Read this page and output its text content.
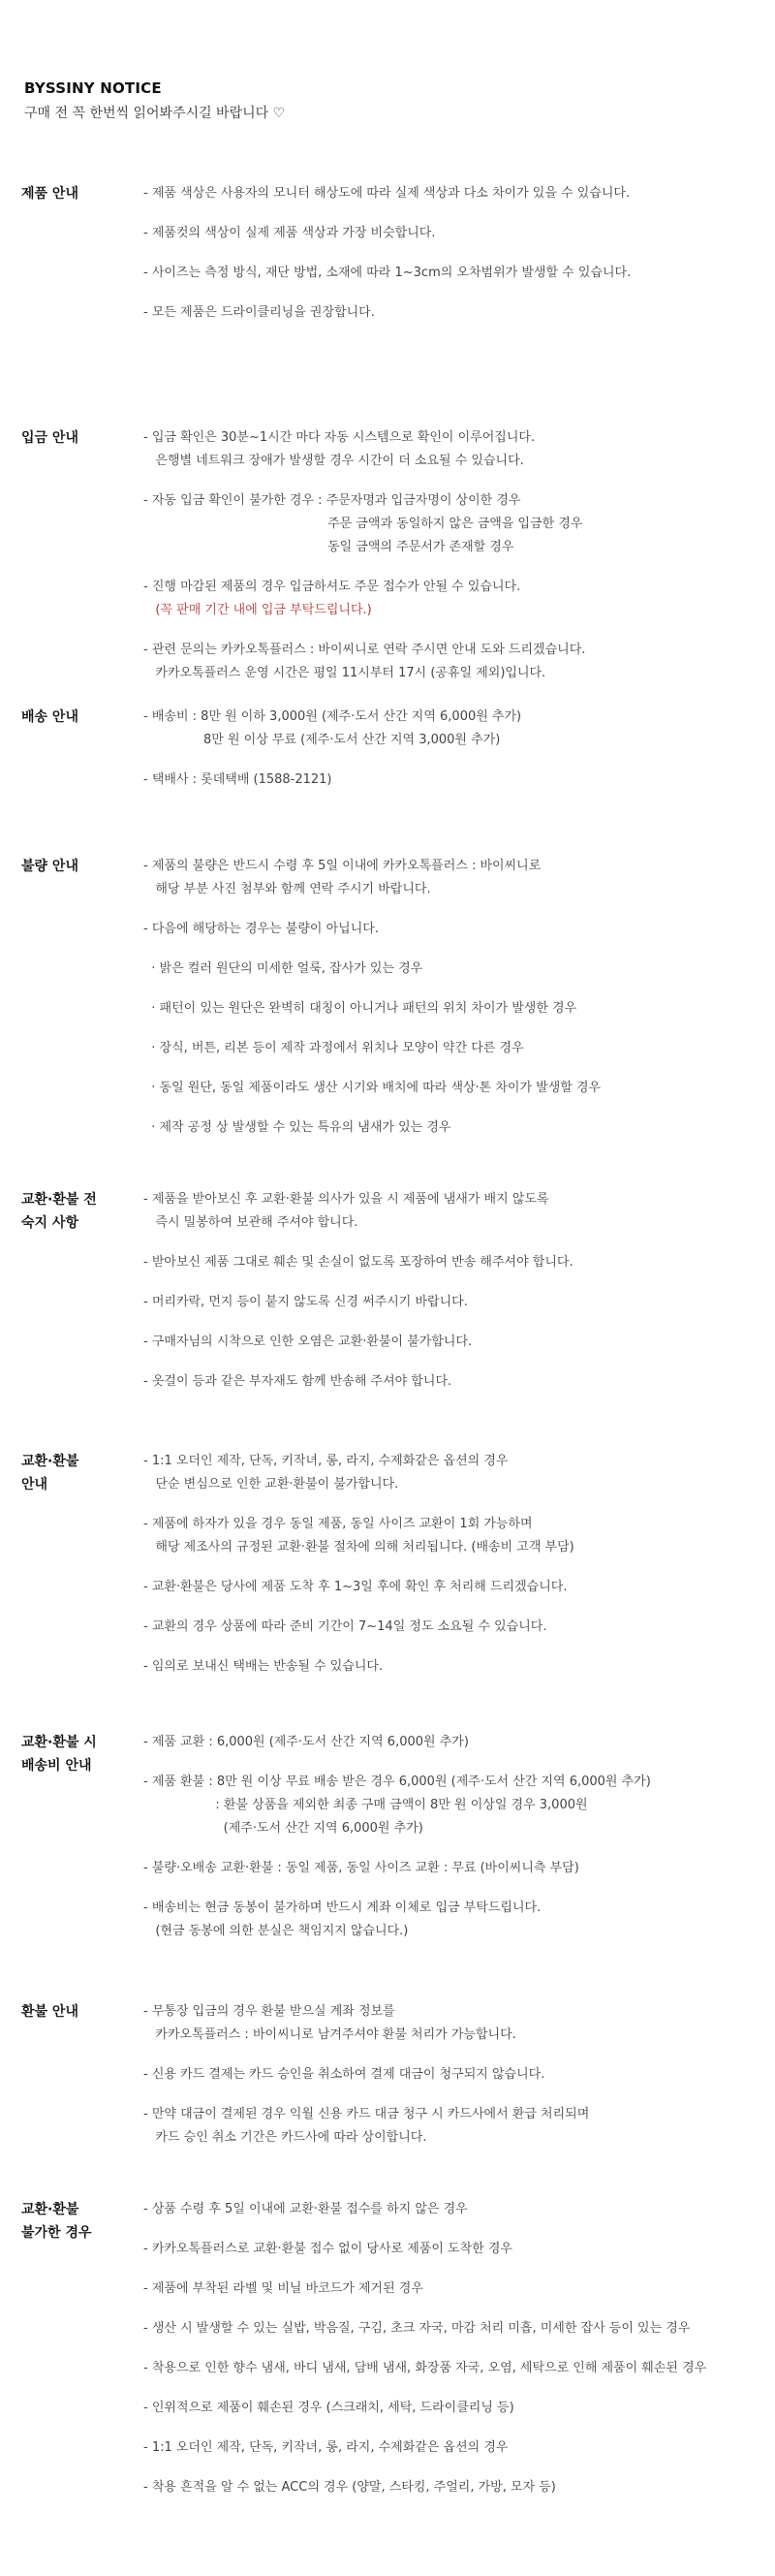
BYSSINY NOTICE
구매 전 꼭 한번씩 읽어봐주시길 바랍니다 ♡
제품 안내	- 제품 색상은 사용자의 모니터 해상도에 따라 실제 색상과 다소 차이가 있을 수 있습니다.
- 제품컷의 색상이 실제 제품 색상과 가장 비슷합니다.
- 사이즈는 측정 방식, 재단 방법, 소재에 따라 1~3cm의 오차범위가 발생할 수 있습니다.
- 모든 제품은 드라이클리닝을 권장합니다.
입금 안내	- 입금 확인은 30분~1시간 마다 자동 시스템으로 확인이 이루어집니다.
은행별 네트워크 장애가 발생할 경우 시간이 더 소요될 수 있습니다.
- 자동 입금 확인이 불가한 경우 : 주문자명과 입금자명이 상이한 경우
주문 금액과 동일하지 않은 금액을 입금한 경우
동일 금액의 주문서가 존재할 경우
- 진행 마감된 제품의 경우 입금하셔도 주문 접수가 안될 수 있습니다.
(꼭 판매 기간 내에 입금 부탁드립니다.)
- 관련 문의는 카카오톡플러스 : 바이씨니로 연락 주시면 안내 도와 드리겠습니다.
카카오톡플러스 운영 시간은 평일 11시부터 17시 (공휴일 제외)입니다.
배송 안내	- 배송비 : 8만 원 이하 3,000원 (제주·도서 산간 지역 6,000원 추가)
8만 원 이상 무료 (제주·도서 산간 지역 3,000원 추가)
- 택배사 : 롯데택배 (1588-2121)
불량 안내	- 제품의 불량은 반드시 수령 후 5일 이내에 카카오톡플러스 : 바이씨니로
해당 부분 사진 첨부와 함께 연락 주시기 바랍니다.
- 다음에 해당하는 경우는 불량이 아닙니다.
· 밝은 컬러 원단의 미세한 얼룩, 잡사가 있는 경우
· 패턴이 있는 원단은 완벽히 대칭이 아니거나 패턴의 위치 차이가 발생한 경우
· 장식, 버튼, 리본 등이 제작 과정에서 위치나 모양이 약간 다른 경우
· 동일 원단, 동일 제품이라도 생산 시기와 배치에 따라 색상·톤 차이가 발생할 경우
· 제작 공정 상 발생할 수 있는 특유의 냄새가 있는 경우
교환·환불 전
숙지 사항
- 제품을 받아보신 후 교환·환불 의사가 있을 시 제품에 냄새가 배지 않도록
즉시 밀봉하여 보관해 주셔야 합니다.
- 받아보신 제품 그대로 훼손 및 손실이 없도록 포장하여 반송 해주셔야 합니다.
- 머리카락, 먼지 등이 붙지 않도록 신경 써주시기 바랍니다.
- 구매자님의 시착으로 인한 오염은 교환·환불이 불가합니다.
- 옷걸이 등과 같은 부자재도 함께 반송해 주셔야 합니다.
교환·환불
안내
- 1:1 오더인 제작, 단독, 키작녀, 롱, 라지, 수제화같은 옵션의 경우
단순 변심으로 인한 교환·환불이 불가합니다.
- 제품에 하자가 있을 경우 동일 제품, 동일 사이즈 교환이 1회 가능하며
해당 제조사의 규정된 교환·환불 절차에 의해 처리됩니다. (배송비 고객 부담)
- 교환·환불은 당사에 제품 도착 후 1~3일 후에 확인 후 처리해 드리겠습니다.
- 교환의 경우 상품에 따라 준비 기간이 7~14일 정도 소요될 수 있습니다.
- 임의로 보내신 택배는 반송될 수 있습니다.
교환·환불 시
배송비 안내
- 제품 교환 : 6,000원 (제주·도서 산간 지역 6,000원 추가)
- 제품 환불 : 8만 원 이상 무료 배송 받은 경우 6,000원 (제주·도서 산간 지역 6,000원 추가)
: 환불 상품을 제외한 최종 구매 금액이 8만 원 이상일 경우 3,000원
(제주·도서 산간 지역 6,000원 추가)
- 불량·오배송 교환·환불 : 동일 제품, 동일 사이즈 교환 : 무료 (바이씨니측 부담)
- 배송비는 현금 동봉이 불가하며 반드시 계좌 이체로 입금 부탁드립니다.
(현금 동봉에 의한 분실은 책임지지 않습니다.)
환불 안내	- 무통장 입금의 경우 환불 받으실 계좌 정보를
카카오톡플러스 : 바이씨니로 남겨주셔야 환불 처리가 가능합니다.
- 신용 카드 결제는 카드 승인을 취소하여 결제 대금이 청구되지 않습니다.
- 만약 대금이 결제된 경우 익월 신용 카드 대금 청구 시 카드사에서 환급 처리되며
카드 승인 취소 기간은 카드사에 따라 상이합니다.
교환·환불
불가한 경우
- 상품 수령 후 5일 이내에 교환·환불 접수를 하지 않은 경우
- 카카오톡플러스로 교환·환불 접수 없이 당사로 제품이 도착한 경우
- 제품에 부착된 라벨 및 비닐 바코드가 제거된 경우
- 생산 시 발생할 수 있는 실밥, 박음질, 구김, 초크 자국, 마감 처리 미흡, 미세한 잡사 등이 있는 경우
- 착용으로 인한 향수 냄새, 바디 냄새, 담배 냄새, 화장품 자국, 오염, 세탁으로 인해 제품이 훼손된 경우
- 인위적으로 제품이 훼손된 경우 (스크래치, 세탁, 드라이클리닝 등)
- 1:1 오더인 제작, 단독, 키작녀, 롱, 라지, 수제화같은 옵션의 경우
- 착용 흔적을 알 수 없는 ACC의 경우 (양말, 스타킹, 주얼리, 가방, 모자 등)
